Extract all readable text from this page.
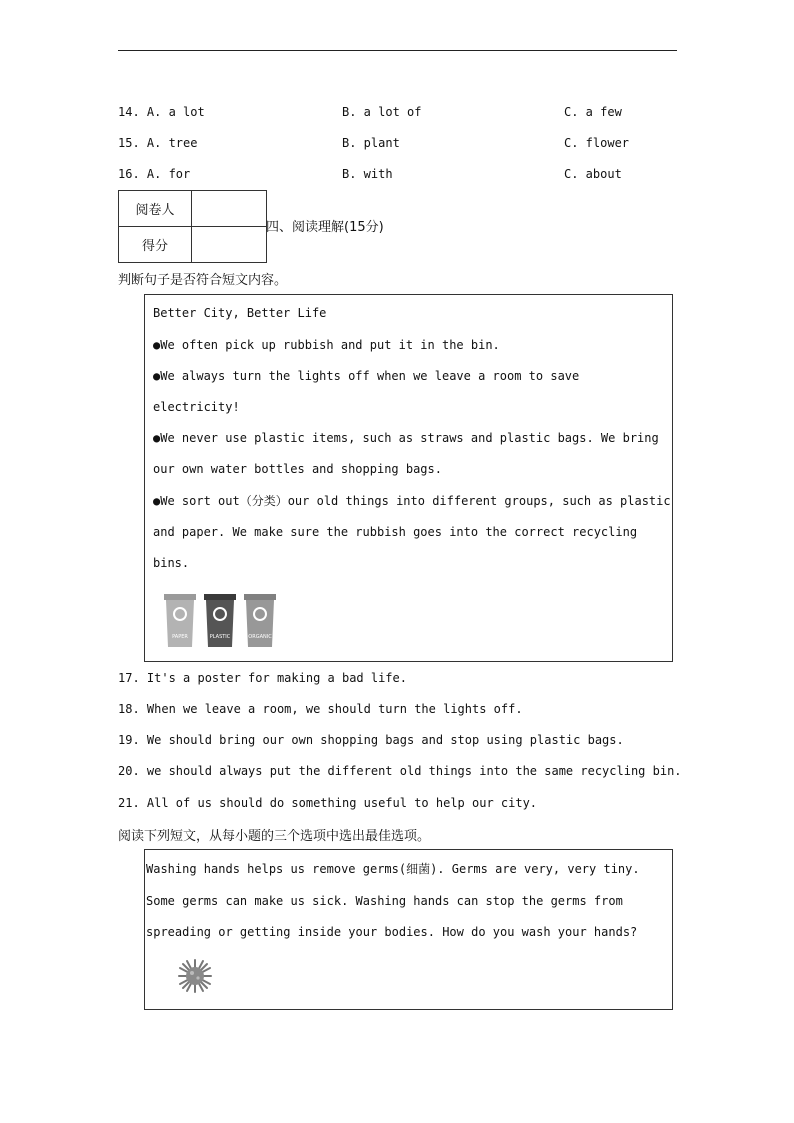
14. A. a lot	B. a lot of	C. a few
15. A. tree	B. plant	C. flower
16. A. for	B. with	C. about
阅卷人	
得分	
四、阅读理解(15分)
判断句子是否符合短文内容。
Better City, Better Life
●We often pick up rubbish and put it in the bin.
●We always turn the lights off when we leave a room to save
electricity!
●We never use plastic items, such as straws and plastic bags. We bring
our own water bottles and shopping bags.
●We sort out（分类）our old things into different groups, such as plastic
and paper. We make sure the rubbish goes into the correct recycling
bins.
PAPER	PLASTIC	ORGANIC
17. It's a poster for making a bad life.
18. When we leave a room, we should turn the lights off.
19. We should bring our own shopping bags and stop using plastic bags.
20. we should always put the different old things into the same recycling bin.
21. All of us should do something useful to help our city.
阅读下列短文，从每小题的三个选项中选出最佳选项。
Washing hands helps us remove germs(细菌). Germs are very, very tiny.
Some germs can make us sick. Washing hands can stop the germs from
spreading or getting inside your bodies. How do you wash your hands?
